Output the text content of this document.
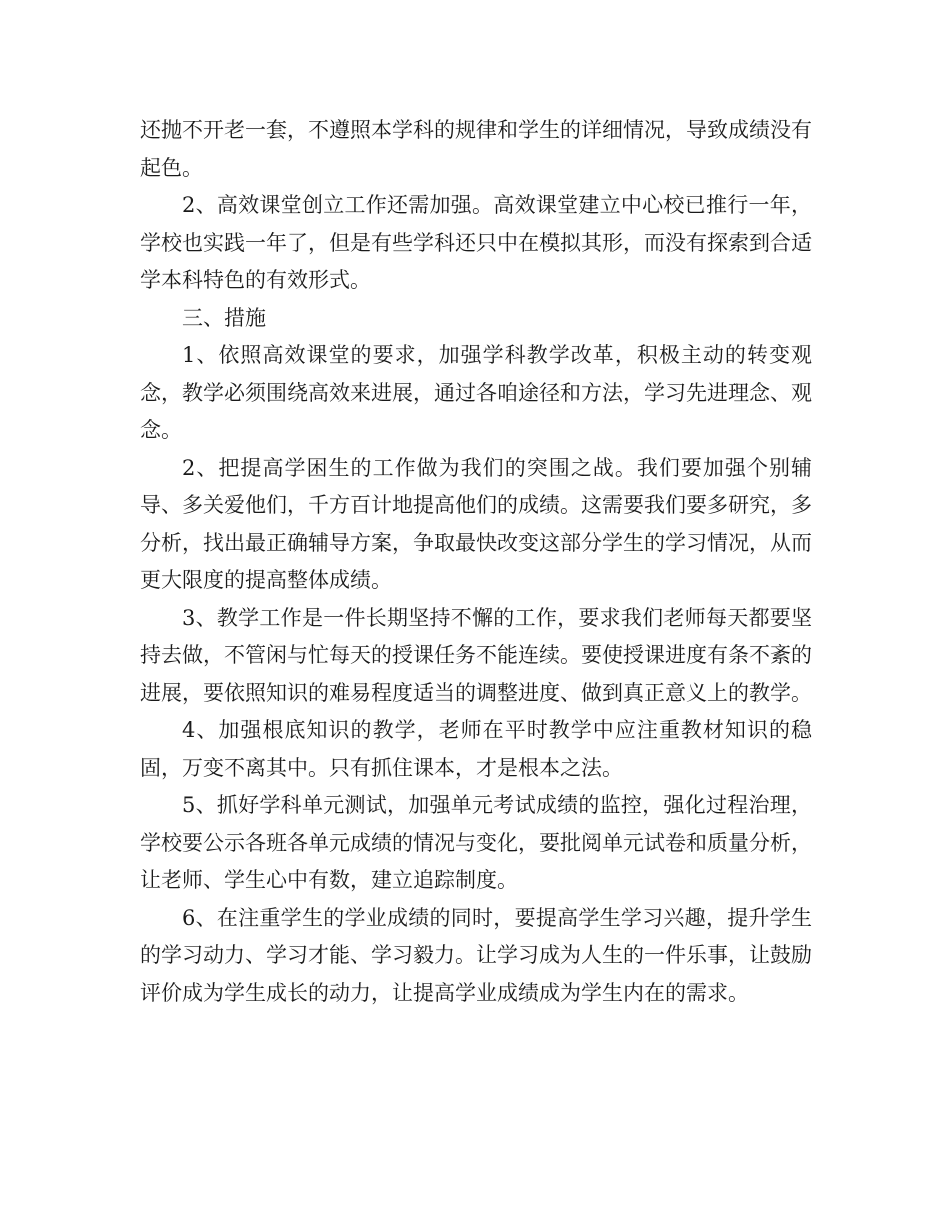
还抛不开老一套，不遵照本学科的规律和学生的详细情况，导致成绩没有起色。

2、高效课堂创立工作还需加强。高效课堂建立中心校已推行一年，学校也实践一年了，但是有些学科还只中在模拟其形，而没有探索到合适学本科特色的有效形式。

三、措施

1、依照高效课堂的要求，加强学科教学改革，积极主动的转变观念，教学必须围绕高效来进展，通过各咱途径和方法，学习先进理念、观念。

2、把提高学困生的工作做为我们的突围之战。我们要加强个别辅导、多关爱他们，千方百计地提高他们的成绩。这需要我们要多研究，多分析，找出最正确辅导方案，争取最快改变这部分学生的学习情况，从而更大限度的提高整体成绩。

3、教学工作是一件长期坚持不懈的工作，要求我们老师每天都要坚持去做，不管闲与忙每天的授课任务不能连续。要使授课进度有条不紊的进展，要依照知识的难易程度适当的调整进度、做到真正意义上的教学。

4、加强根底知识的教学，老师在平时教学中应注重教材知识的稳固，万变不离其中。只有抓住课本，才是根本之法。

5、抓好学科单元测试，加强单元考试成绩的监控，强化过程治理，学校要公示各班各单元成绩的情况与变化，要批阅单元试卷和质量分析，让老师、学生心中有数，建立追踪制度。

6、在注重学生的学业成绩的同时，要提高学生学习兴趣，提升学生的学习动力、学习才能、学习毅力。让学习成为人生的一件乐事，让鼓励评价成为学生成长的动力，让提高学业成绩成为学生内在的需求。
